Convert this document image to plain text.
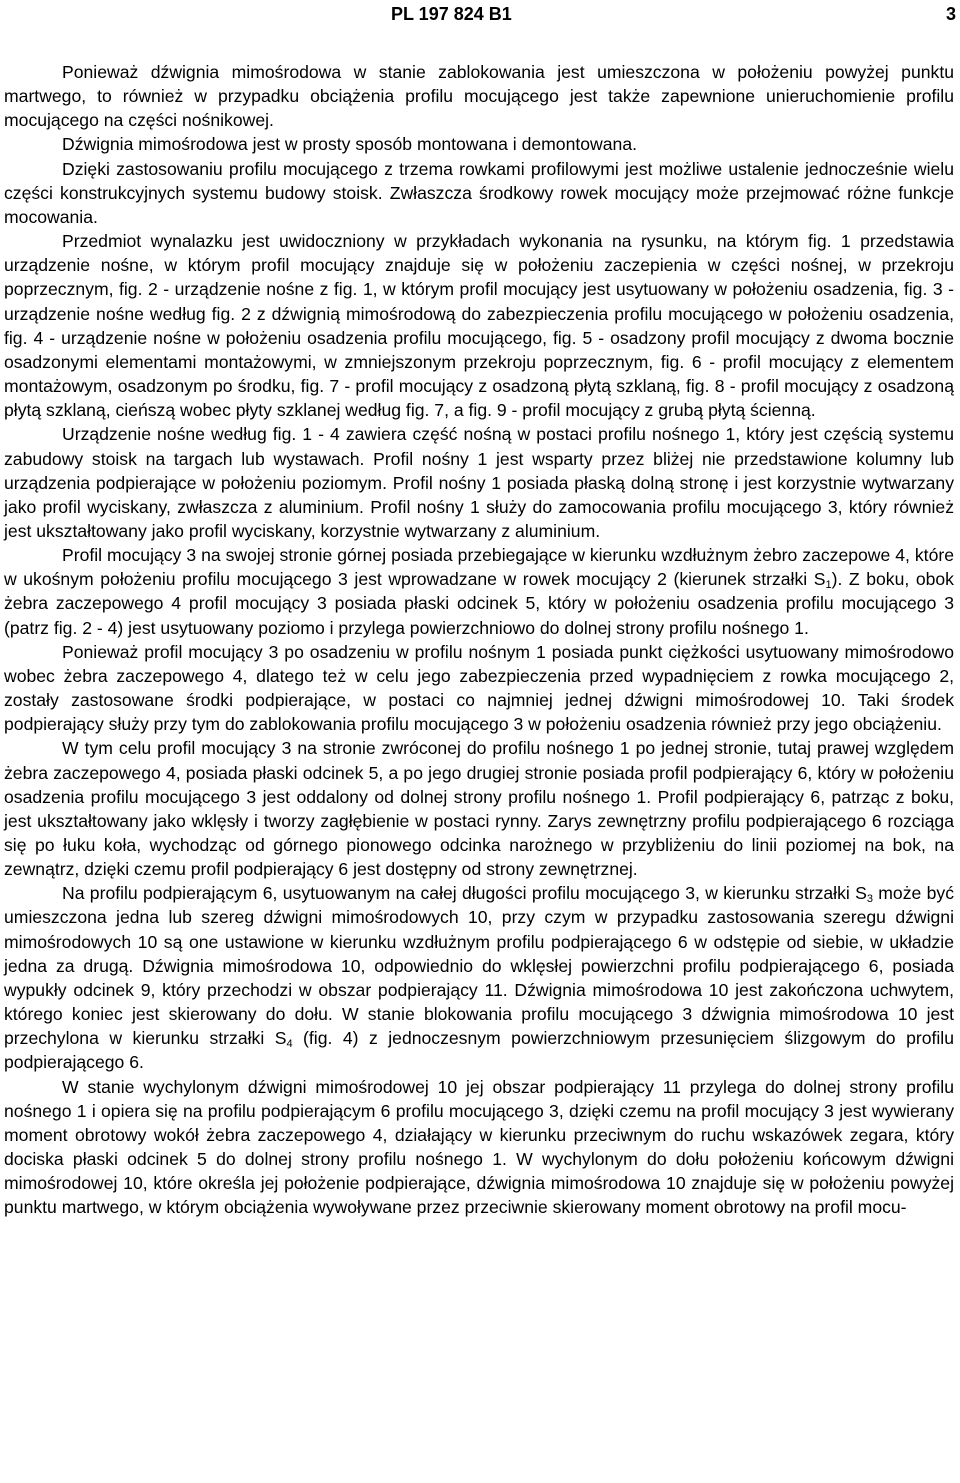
PL 197 824 B1	3

Ponieważ dźwignia mimośrodowa w stanie zablokowania jest umieszczona w położeniu powyżej punktu martwego, to również w przypadku obciążenia profilu mocującego jest także zapewnione unieruchomienie profilu mocującego na części nośnikowej.

Dźwignia mimośrodowa jest w prosty sposób montowana i demontowana.

Dzięki zastosowaniu profilu mocującego z trzema rowkami profilowymi jest możliwe ustalenie jednocześnie wielu części konstrukcyjnych systemu budowy stoisk. Zwłaszcza środkowy rowek mocujący może przejmować różne funkcje mocowania.

Przedmiot wynalazku jest uwidoczniony w przykładach wykonania na rysunku, na którym fig. 1 przedstawia urządzenie nośne, w którym profil mocujący znajduje się w położeniu zaczepienia w części nośnej, w przekroju poprzecznym, fig. 2 - urządzenie nośne z fig. 1, w którym profil mocujący jest usytuowany w położeniu osadzenia, fig. 3 - urządzenie nośne według fig. 2 z dźwignią mimośrodową do zabezpieczenia profilu mocującego w położeniu osadzenia, fig. 4 - urządzenie nośne w położeniu osadzenia profilu mocującego, fig. 5 - osadzony profil mocujący z dwoma bocznie osadzonymi elementami montażowymi, w zmniejszonym przekroju poprzecznym, fig. 6 - profil mocujący z elementem montażowym, osadzonym po środku, fig. 7 - profil mocujący z osadzoną płytą szklaną, fig. 8 - profil mocujący z osadzoną płytą szklaną, cieńszą wobec płyty szklanej według fig. 7, a fig. 9 - profil mocujący z grubą płytą ścienną.

Urządzenie nośne według fig. 1 - 4 zawiera część nośną w postaci profilu nośnego 1, który jest częścią systemu zabudowy stoisk na targach lub wystawach. Profil nośny 1 jest wsparty przez bliżej nie przedstawione kolumny lub urządzenia podpierające w położeniu poziomym. Profil nośny 1 posiada płaską dolną stronę i jest korzystnie wytwarzany jako profil wyciskany, zwłaszcza z aluminium. Profil nośny 1 służy do zamocowania profilu mocującego 3, który również jest ukształtowany jako profil wyciskany, korzystnie wytwarzany z aluminium.

Profil mocujący 3 na swojej stronie górnej posiada przebiegające w kierunku wzdłużnym żebro zaczepowe 4, które w ukośnym położeniu profilu mocującego 3 jest wprowadzane w rowek mocujący 2 (kierunek strzałki $S_1$). Z boku, obok żebra zaczepowego 4 profil mocujący 3 posiada płaski odcinek 5, który w położeniu osadzenia profilu mocującego 3 (patrz fig. 2 - 4) jest usytuowany poziomo i przylega powierzchniowo do dolnej strony profilu nośnego 1.

Ponieważ profil mocujący 3 po osadzeniu w profilu nośnym 1 posiada punkt ciężkości usytuowany mimośrodowo wobec żebra zaczepowego 4, dlatego też w celu jego zabezpieczenia przed wypadnięciem z rowka mocującego 2, zostały zastosowane środki podpierające, w postaci co najmniej jednej dźwigni mimośrodowej 10. Taki środek podpierający służy przy tym do zablokowania profilu mocującego 3 w położeniu osadzenia również przy jego obciążeniu.

W tym celu profil mocujący 3 na stronie zwróconej do profilu nośnego 1 po jednej stronie, tutaj prawej względem żebra zaczepowego 4, posiada płaski odcinek 5, a po jego drugiej stronie posiada profil podpierający 6, który w położeniu osadzenia profilu mocującego 3 jest oddalony od dolnej strony profilu nośnego 1. Profil podpierający 6, patrząc z boku, jest ukształtowany jako wklęsły i tworzy zagłębienie w postaci rynny. Zarys zewnętrzny profilu podpierającego 6 rozciąga się po łuku koła, wychodząc od górnego pionowego odcinka narożnego w przybliżeniu do linii poziomej na bok, na zewnątrz, dzięki czemu profil podpierający 6 jest dostępny od strony zewnętrznej.

Na profilu podpierającym 6, usytuowanym na całej długości profilu mocującego 3, w kierunku strzałki $S_3$ może być umieszczona jedna lub szereg dźwigni mimośrodowych 10, przy czym w przypadku zastosowania szeregu dźwigni mimośrodowych 10 są one ustawione w kierunku wzdłużnym profilu podpierającego 6 w odstępie od siebie, w układzie jedna za drugą. Dźwignia mimośrodowa 10, odpowiednio do wklęsłej powierzchni profilu podpierającego 6, posiada wypukły odcinek 9, który przechodzi w obszar podpierający 11. Dźwignia mimośrodowa 10 jest zakończona uchwytem, którego koniec jest skierowany do dołu. W stanie blokowania profilu mocującego 3 dźwignia mimośrodowa 10 jest przechylona w kierunku strzałki $S_4$ (fig. 4) z jednoczesnym powierzchniowym przesunięciem ślizgowym do profilu podpierającego 6.

W stanie wychylonym dźwigni mimośrodowej 10 jej obszar podpierający 11 przylega do dolnej strony profilu nośnego 1 i opiera się na profilu podpierającym 6 profilu mocującego 3, dzięki czemu na profil mocujący 3 jest wywierany moment obrotowy wokół żebra zaczepowego 4, działający w kierunku przeciwnym do ruchu wskazówek zegara, który dociska płaski odcinek 5 do dolnej strony profilu nośnego 1. W wychylonym do dołu położeniu końcowym dźwigni mimośrodowej 10, które określa jej położenie podpierające, dźwignia mimośrodowa 10 znajduje się w położeniu powyżej punktu martwego, w którym obciążenia wywoływane przez przeciwnie skierowany moment obrotowy na profil mocu-
